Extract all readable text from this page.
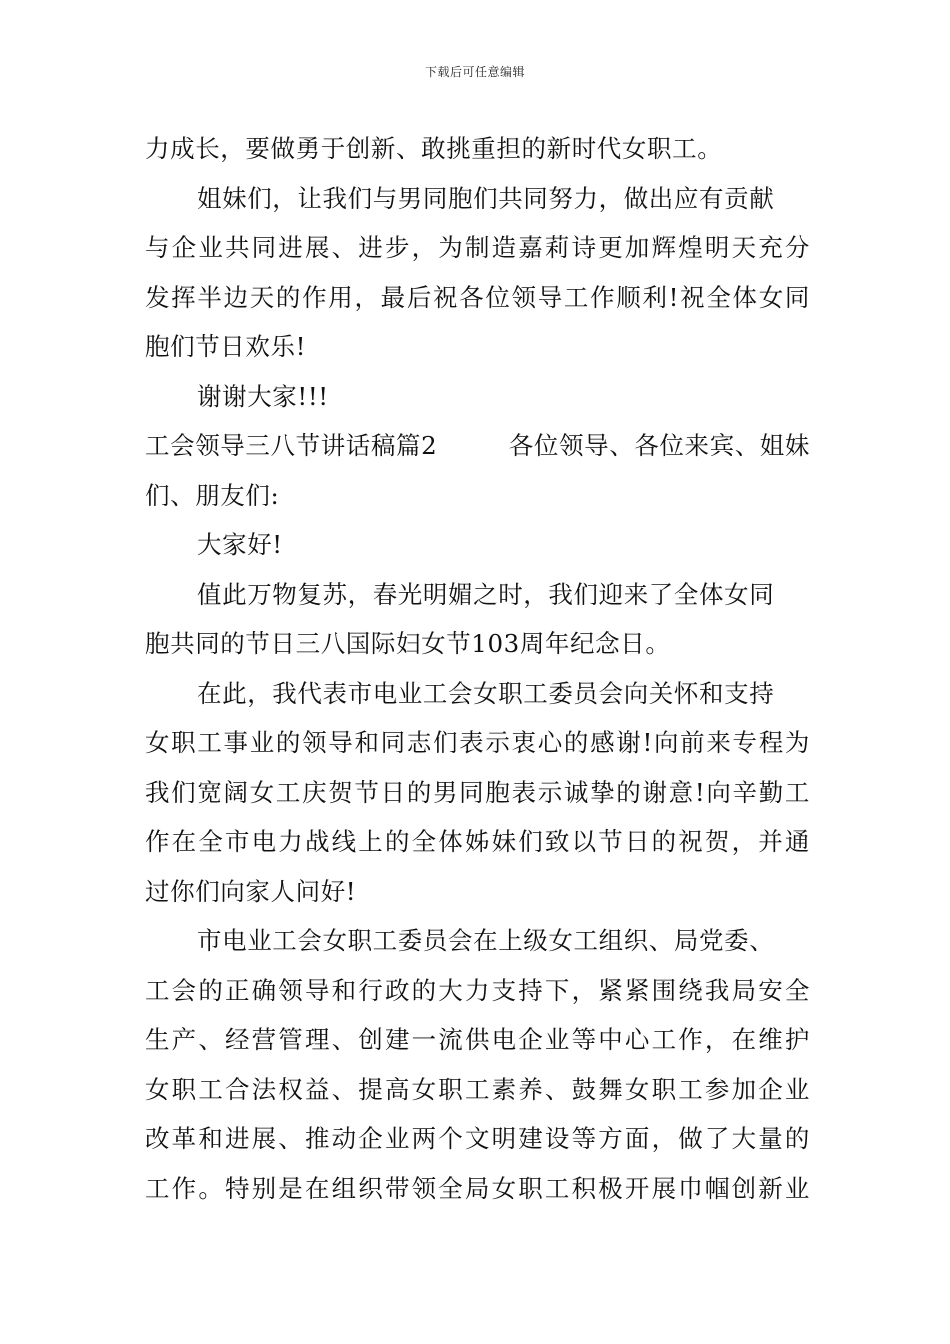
下载后可任意编辑
力成长，要做勇于创新、敢挑重担的新时代女职工。
姐妹们，让我们与男同胞们共同努力，做出应有贡献
与企业共同进展、进步，为制造嘉莉诗更加辉煌明天充分
发挥半边天的作用，最后祝各位领导工作顺利!祝全体女同
胞们节日欢乐!
谢谢大家!!!
工会领导三八节讲话稿篇2	各位领导、各位来宾、姐妹
们、朋友们:
大家好!
值此万物复苏，春光明媚之时，我们迎来了全体女同
胞共同的节日三八国际妇女节103周年纪念日。
在此，我代表市电业工会女职工委员会向关怀和支持
女职工事业的领导和同志们表示衷心的感谢!向前来专程为
我们宽阔女工庆贺节日的男同胞表示诚挚的谢意!向辛勤工
作在全市电力战线上的全体姊妹们致以节日的祝贺，并通
过你们向家人问好!
市电业工会女职工委员会在上级女工组织、局党委、
工会的正确领导和行政的大力支持下，紧紧围绕我局安全
生产、经营管理、创建一流供电企业等中心工作，在维护
女职工合法权益、提高女职工素养、鼓舞女职工参加企业
改革和进展、推动企业两个文明建设等方面，做了大量的
工作。特别是在组织带领全局女职工积极开展巾帼创新业
